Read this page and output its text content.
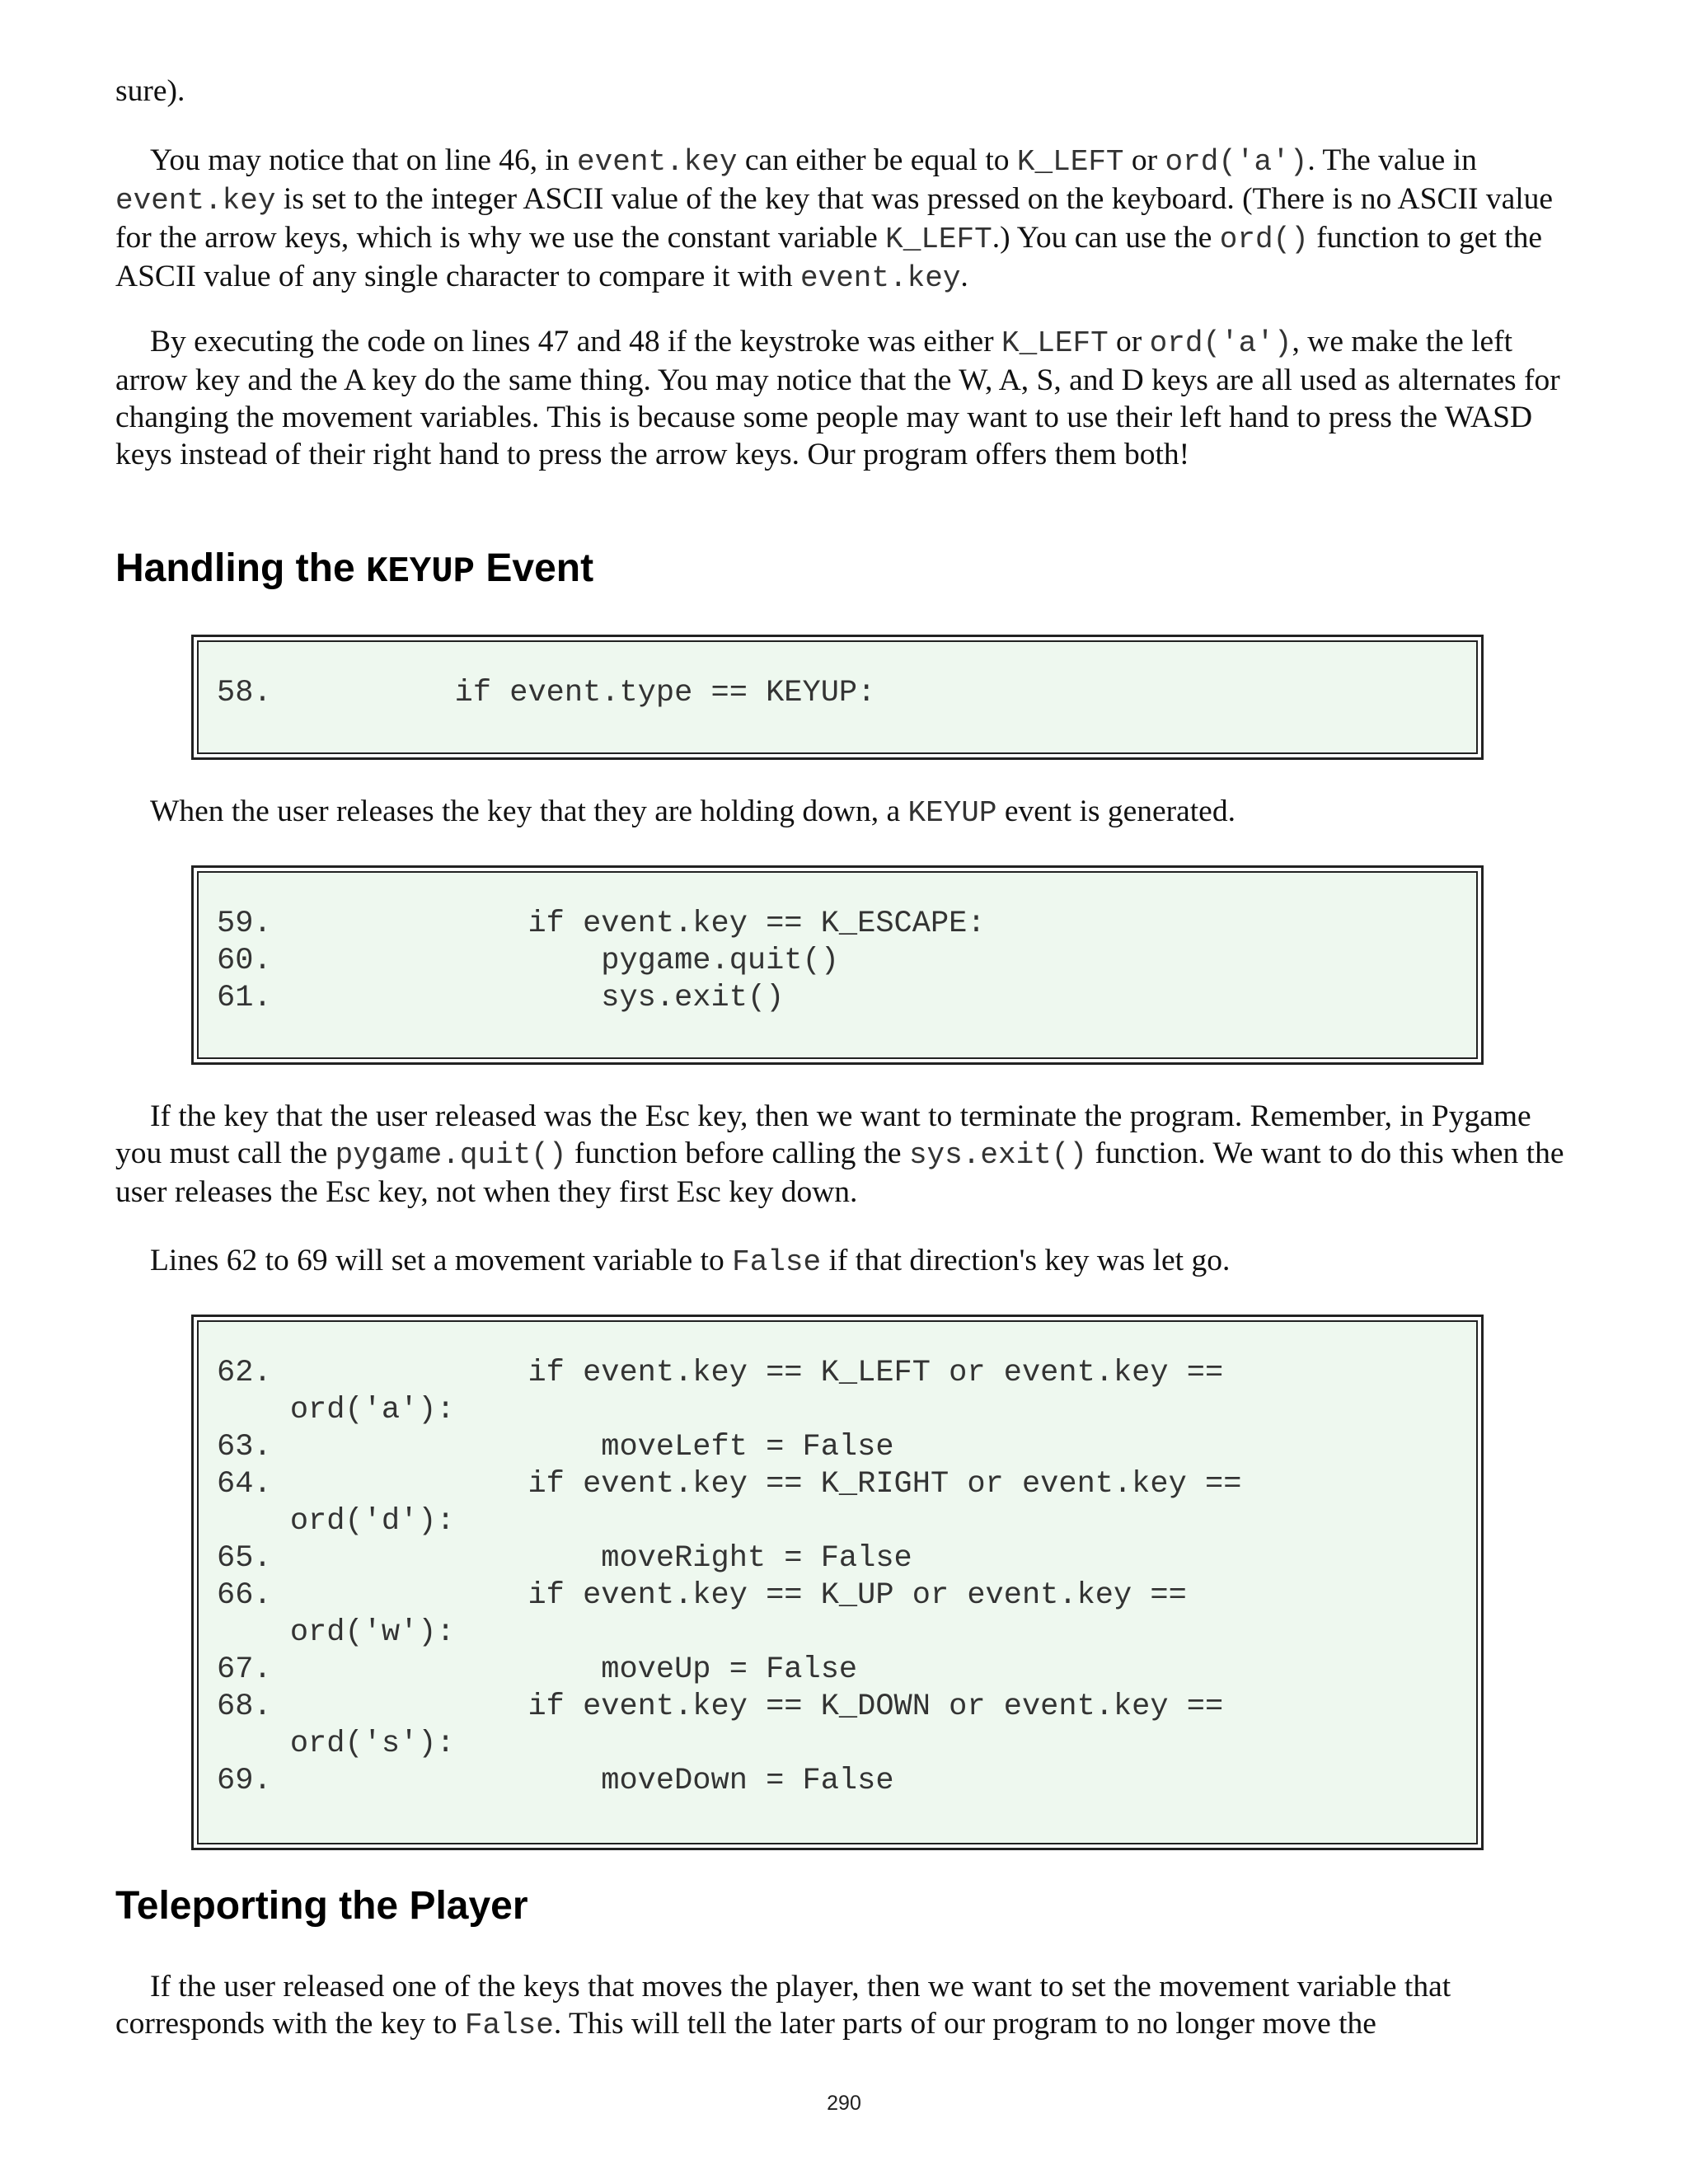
sure).

You may notice that on line 46, in event.key can either be equal to K_LEFT or ord('a'). The value in event.key is set to the integer ASCII value of the key that was pressed on the keyboard. (There is no ASCII value for the arrow keys, which is why we use the constant variable K_LEFT.) You can use the ord() function to get the ASCII value of any single character to compare it with event.key.

By executing the code on lines 47 and 48 if the keystroke was either K_LEFT or ord('a'), we make the left arrow key and the A key do the same thing. You may notice that the W, A, S, and D keys are all used as alternates for changing the movement variables. This is because some people may want to use their left hand to press the WASD keys instead of their right hand to press the arrow keys. Our program offers them both!

Handling the KEYUP Event
58.          if event.type == KEYUP:

When the user releases the key that they are holding down, a KEYUP event is generated.

59.              if event.key == K_ESCAPE:
60.                  pygame.quit()
61.                  sys.exit()

If the key that the user released was the Esc key, then we want to terminate the program. Remember, in Pygame you must call the pygame.quit() function before calling the sys.exit() function. We want to do this when the user releases the Esc key, not when they first Esc key down.

Lines 62 to 69 will set a movement variable to False if that direction's key was let go.

62.              if event.key == K_LEFT or event.key ==
ord('a'):
63.                  moveLeft = False
64.              if event.key == K_RIGHT or event.key ==
ord('d'):
65.                  moveRight = False
66.              if event.key == K_UP or event.key ==
ord('w'):
67.                  moveUp = False
68.              if event.key == K_DOWN or event.key ==
ord('s'):
69.                  moveDown = False
Teleporting the Player

If the user released one of the keys that moves the player, then we want to set the movement variable that corresponds with the key to False. This will tell the later parts of our program to no longer move the

290
